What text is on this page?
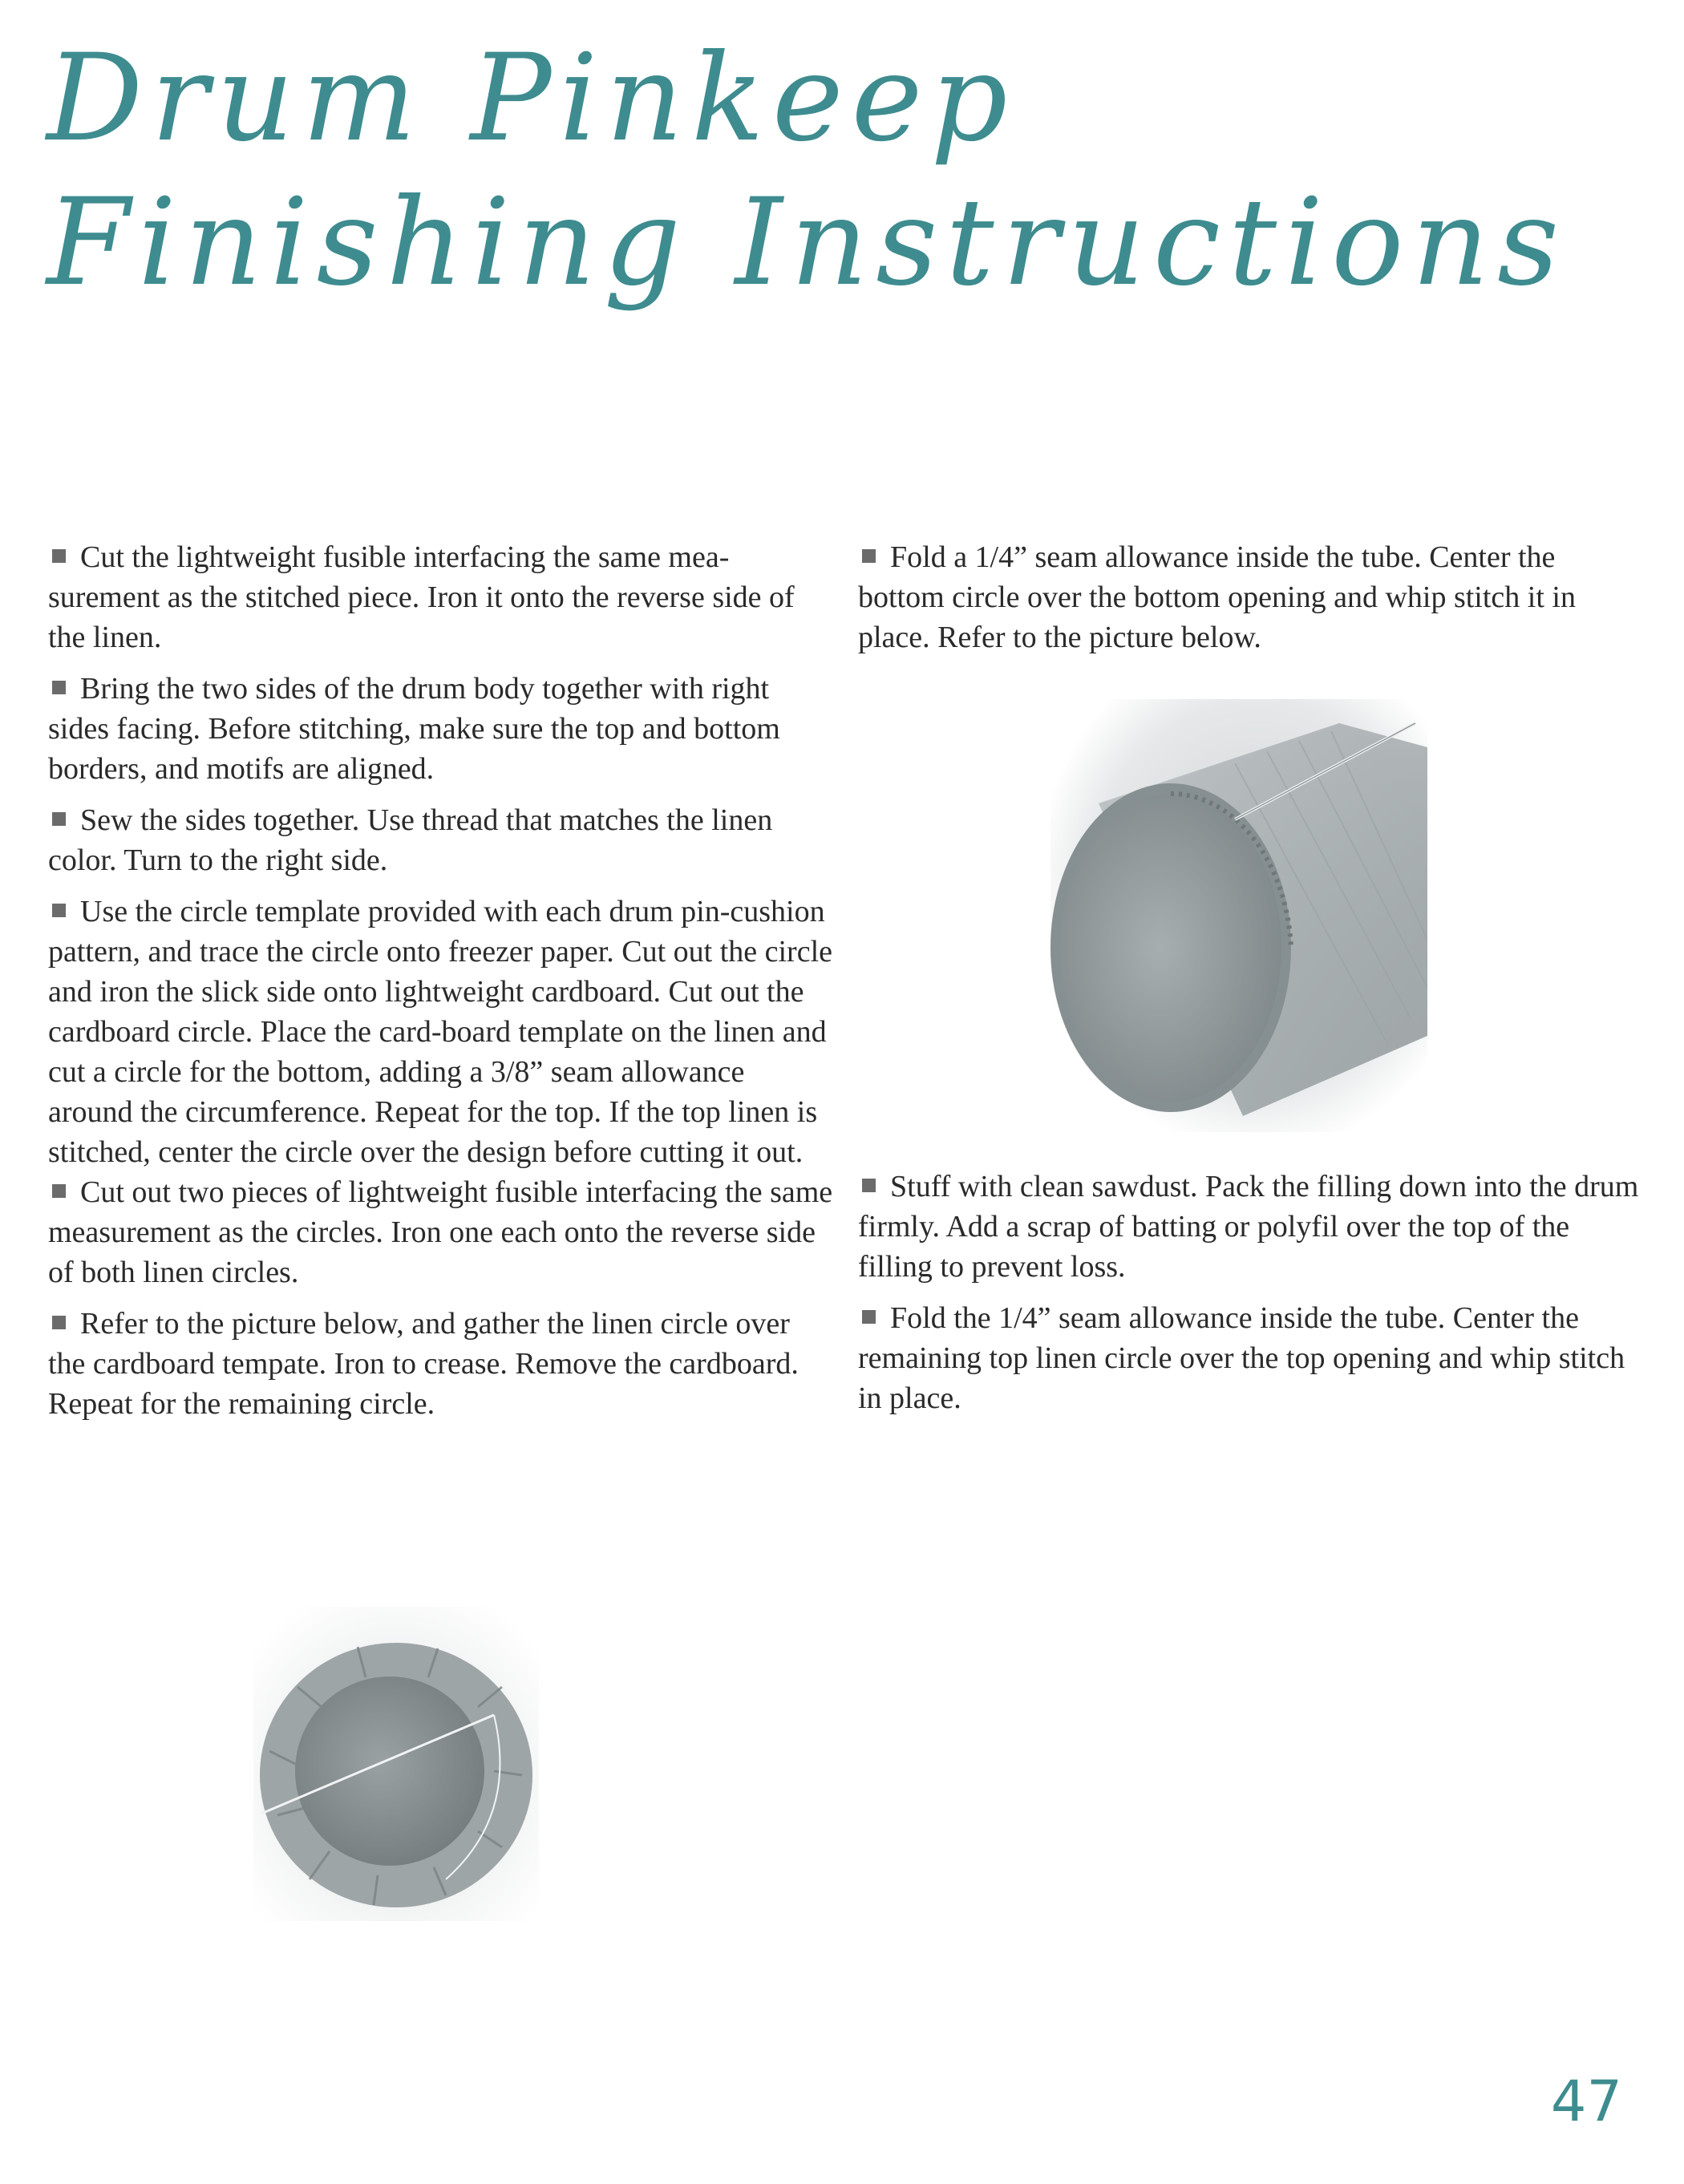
Drum Pinkeep
Finishing Instructions

Cut the lightweight fusible interfacing the same mea-surement as the stitched piece. Iron it onto the reverse side of the linen.

Bring the two sides of the drum body together with right sides facing. Before stitching, make sure the top and bottom borders, and motifs are aligned.

Sew the sides together. Use thread that matches the linen color. Turn to the right side.

Use the circle template provided with each drum pin-cushion pattern, and trace the circle onto freezer paper. Cut out the circle and iron the slick side onto lightweight cardboard. Cut out the cardboard circle. Place the card-board template on the linen and cut a circle for the bottom, adding a 3/8” seam allowance around the circumference. Repeat for the top. If the top linen is stitched, center the circle over the design before cutting it out.

Cut out two pieces of lightweight fusible interfacing the same measurement as the circles. Iron one each onto the reverse side of both linen circles.

Refer to the picture below, and gather the linen circle over the cardboard tempate. Iron to crease. Remove the cardboard. Repeat for the remaining circle.

Fold a 1/4” seam allowance inside the tube. Center the bottom circle over the bottom opening and whip stitch it in place. Refer to the picture below.

Stuff with clean sawdust. Pack the filling down into the drum firmly. Add a scrap of batting or polyfil over the top of the filling to prevent loss.

Fold the 1/4” seam allowance inside the tube. Center the remaining top linen circle over the top opening and whip stitch in place.

47
